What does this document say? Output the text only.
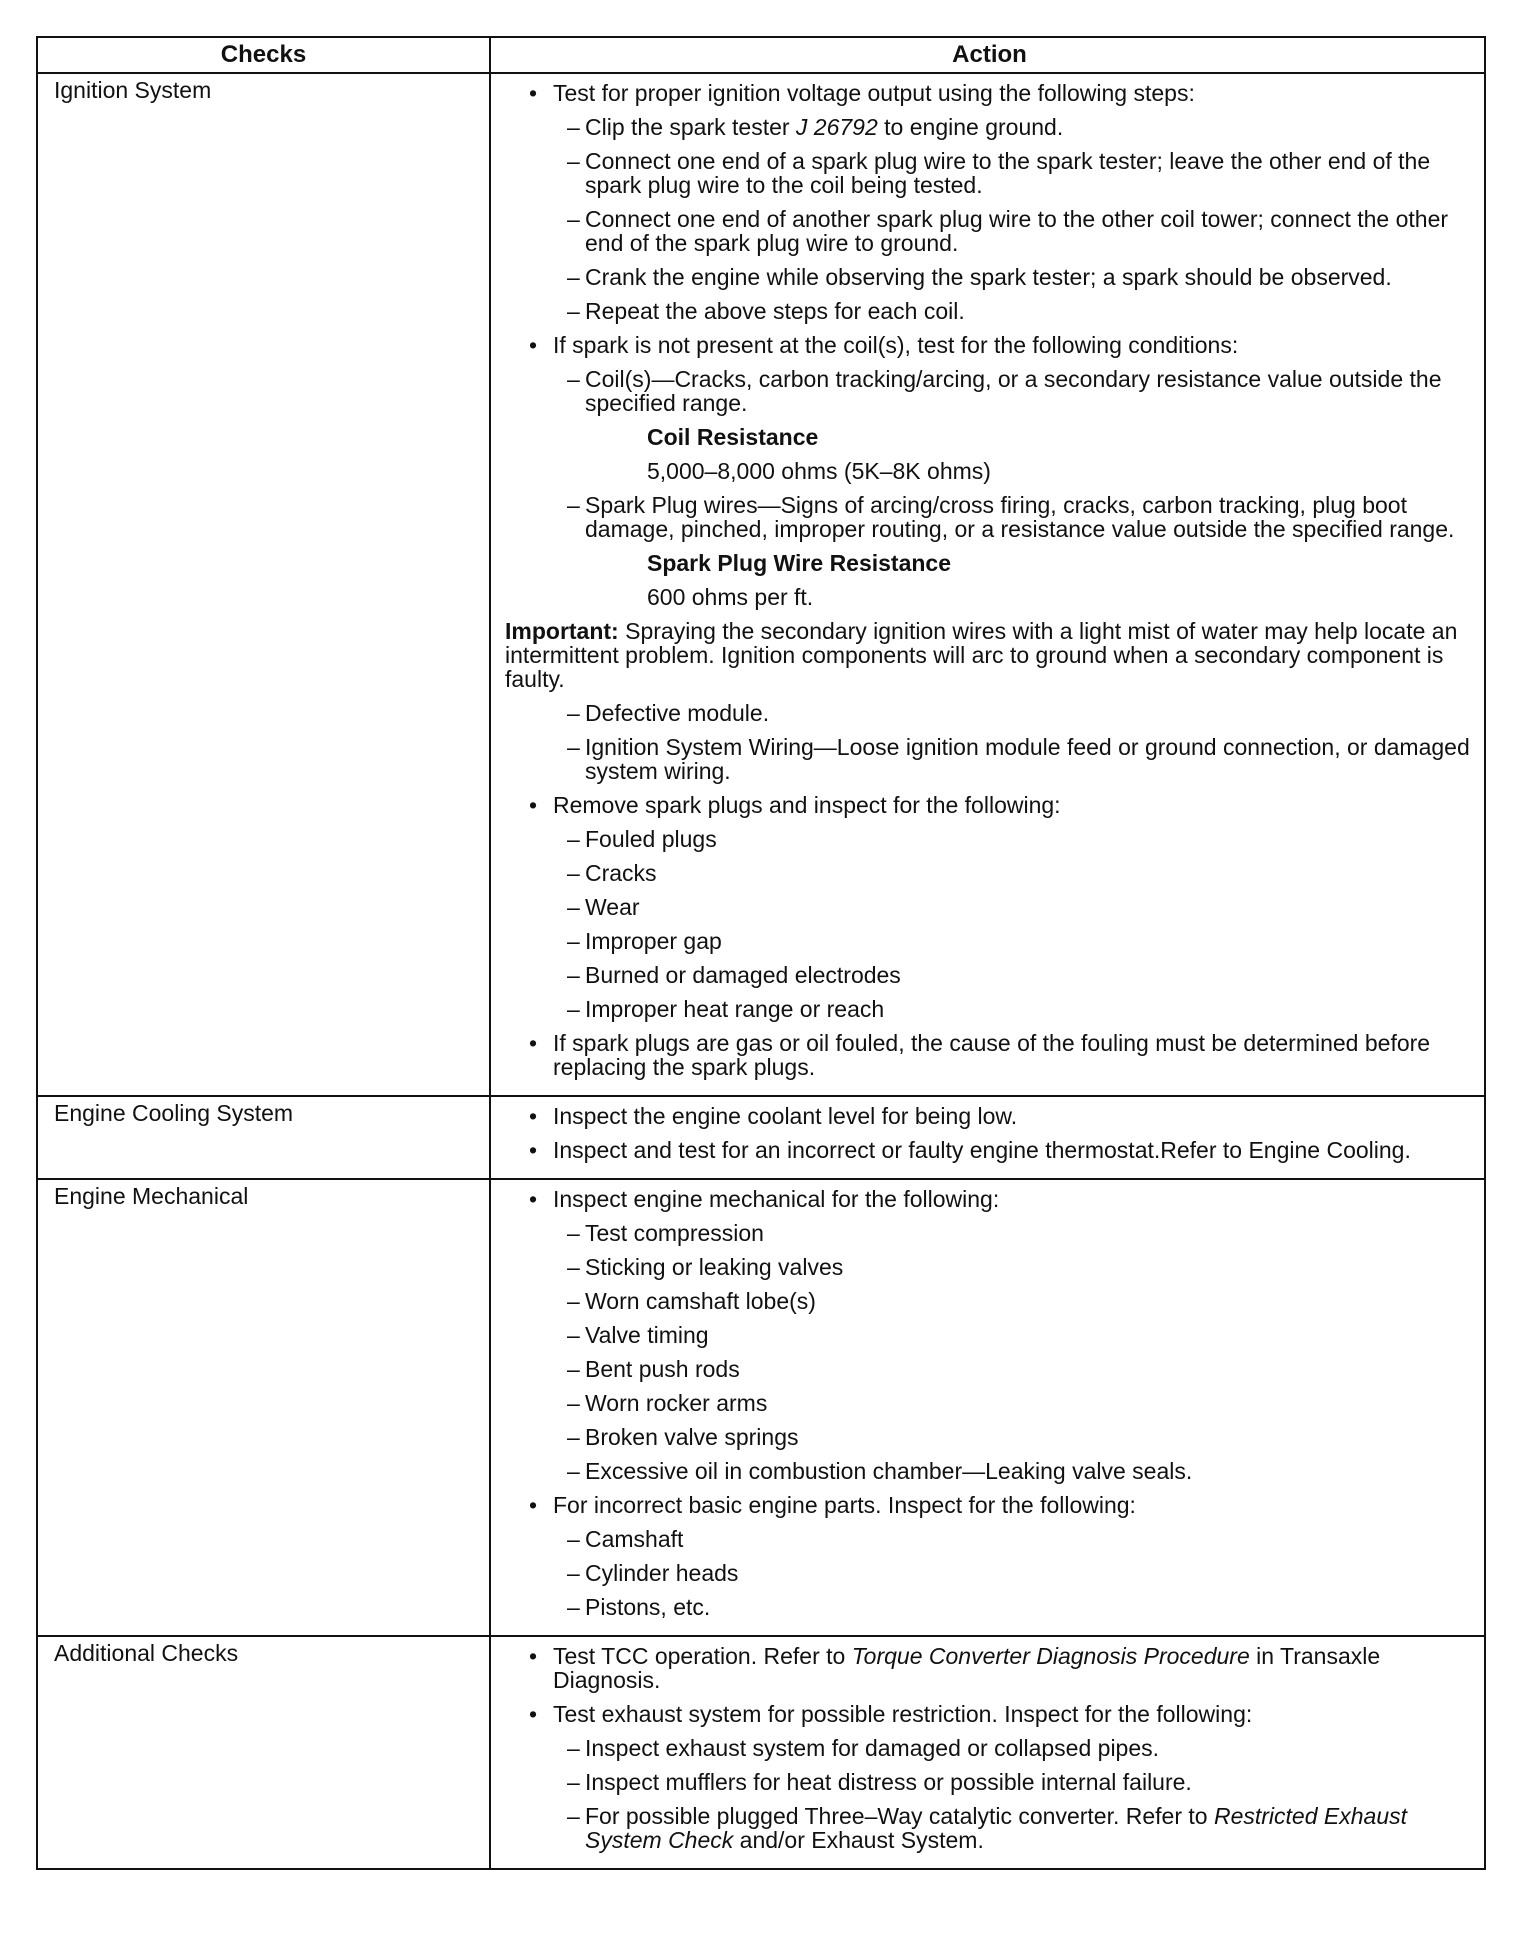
Checks	Action
Ignition System	• Test for proper ignition voltage output using the following steps:
– Clip the spark tester J 26792 to engine ground.
– Connect one end of a spark plug wire to the spark tester; leave the other end of the spark plug wire to the coil being tested.
– Connect one end of another spark plug wire to the other coil tower; connect the other end of the spark plug wire to ground.
– Crank the engine while observing the spark tester; a spark should be observed.
– Repeat the above steps for each coil.
• If spark is not present at the coil(s), test for the following conditions:
– Coil(s)—Cracks, carbon tracking/arcing, or a secondary resistance value outside the specified range.
Coil Resistance
5,000–8,000 ohms (5K–8K ohms)
– Spark Plug wires—Signs of arcing/cross firing, cracks, carbon tracking, plug boot damage, pinched, improper routing, or a resistance value outside the specified range.
Spark Plug Wire Resistance
600 ohms per ft.
Important: Spraying the secondary ignition wires with a light mist of water may help locate an intermittent problem. Ignition components will arc to ground when a secondary component is faulty.
– Defective module.
– Ignition System Wiring—Loose ignition module feed or ground connection, or damaged system wiring.
• Remove spark plugs and inspect for the following:
– Fouled plugs
– Cracks
– Wear
– Improper gap
– Burned or damaged electrodes
– Improper heat range or reach
• If spark plugs are gas or oil fouled, the cause of the fouling must be determined before replacing the spark plugs.
Engine Cooling System	• Inspect the engine coolant level for being low.
• Inspect and test for an incorrect or faulty engine thermostat.Refer to Engine Cooling.
Engine Mechanical	• Inspect engine mechanical for the following:
– Test compression
– Sticking or leaking valves
– Worn camshaft lobe(s)
– Valve timing
– Bent push rods
– Worn rocker arms
– Broken valve springs
– Excessive oil in combustion chamber—Leaking valve seals.
• For incorrect basic engine parts. Inspect for the following:
– Camshaft
– Cylinder heads
– Pistons, etc.
Additional Checks	• Test TCC operation. Refer to Torque Converter Diagnosis Procedure in Transaxle Diagnosis.
• Test exhaust system for possible restriction. Inspect for the following:
– Inspect exhaust system for damaged or collapsed pipes.
– Inspect mufflers for heat distress or possible internal failure.
– For possible plugged Three–Way catalytic converter. Refer to Restricted Exhaust System Check and/or Exhaust System.
